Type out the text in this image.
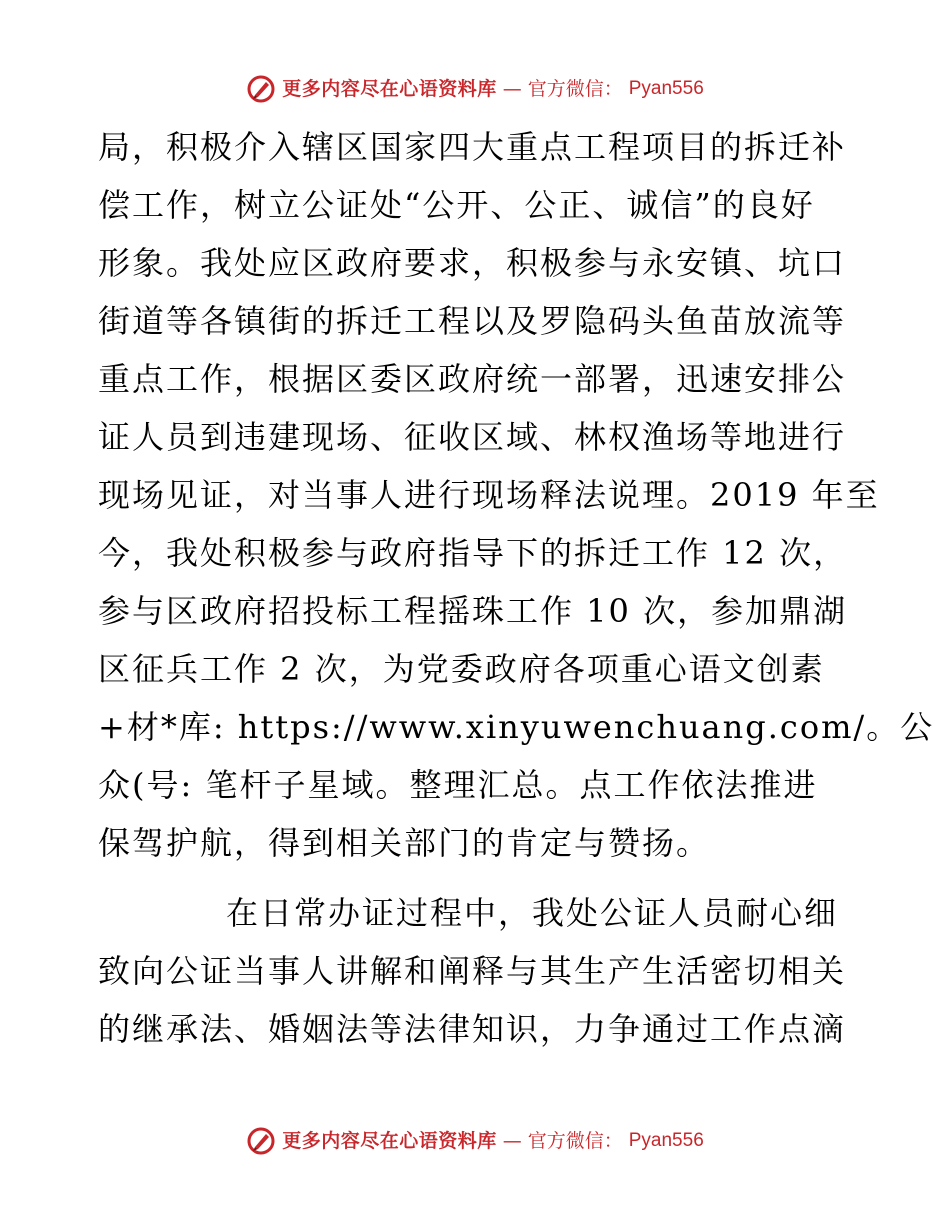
更多内容尽在心语资料库 — 官方微信： Pyan556
局，积极介入辖区国家四大重点工程项目的拆迁补
偿工作，树立公证处“公开、公正、诚信”的良好
形象。我处应区政府要求，积极参与永安镇、坑口
街道等各镇街的拆迁工程以及罗隐码头鱼苗放流等
重点工作，根据区委区政府统一部署，迅速安排公
证人员到违建现场、征收区域、林权渔场等地进行
现场见证，对当事人进行现场释法说理。2019 年至
今，我处积极参与政府指导下的拆迁工作 12 次，
参与区政府招投标工程摇珠工作 10 次，参加鼎湖
区征兵工作 2 次，为党委政府各项重心语文创素
+材*库: https://www.xinyuwenchuang.com/。公
众(号: 笔杆子星域。整理汇总。点工作依法推进
保驾护航，得到相关部门的肯定与赞扬。
在日常办证过程中，我处公证人员耐心细
致向公证当事人讲解和阐释与其生产生活密切相关
的继承法、婚姻法等法律知识，力争通过工作点滴
更多内容尽在心语资料库 — 官方微信： Pyan556
